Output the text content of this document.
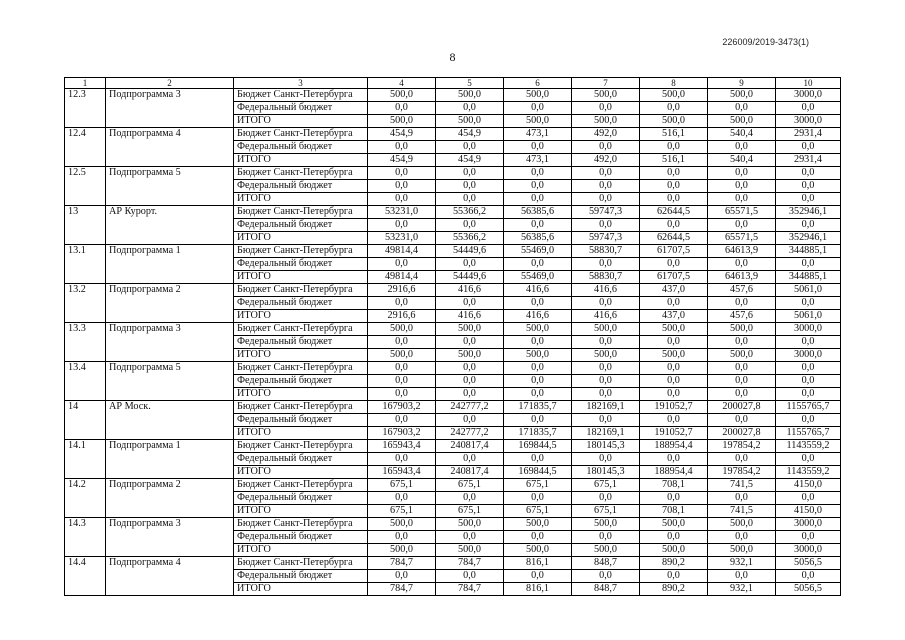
226009/2019-3473(1)
8
1	2	3	4	5	6	7	8	9	10
12.3	Подпрограмма 3	Бюджет Санкт-Петербурга	500,0	500,0	500,0	500,0	500,0	500,0	3000,0
		Федеральный бюджет	0,0	0,0	0,0	0,0	0,0	0,0	0,0
		ИТОГО	500,0	500,0	500,0	500,0	500,0	500,0	3000,0
12.4	Подпрограмма 4	Бюджет Санкт-Петербурга	454,9	454,9	473,1	492,0	516,1	540,4	2931,4
		Федеральный бюджет	0,0	0,0	0,0	0,0	0,0	0,0	0,0
		ИТОГО	454,9	454,9	473,1	492,0	516,1	540,4	2931,4
12.5	Подпрограмма 5	Бюджет Санкт-Петербурга	0,0	0,0	0,0	0,0	0,0	0,0	0,0
		Федеральный бюджет	0,0	0,0	0,0	0,0	0,0	0,0	0,0
		ИТОГО	0,0	0,0	0,0	0,0	0,0	0,0	0,0
13	АР Курорт.	Бюджет Санкт-Петербурга	53231,0	55366,2	56385,6	59747,3	62644,5	65571,5	352946,1
		Федеральный бюджет	0,0	0,0	0,0	0,0	0,0	0,0	0,0
		ИТОГО	53231,0	55366,2	56385,6	59747,3	62644,5	65571,5	352946,1
13.1	Подпрограмма 1	Бюджет Санкт-Петербурга	49814,4	54449,6	55469,0	58830,7	61707,5	64613,9	344885,1
		Федеральный бюджет	0,0	0,0	0,0	0,0	0,0	0,0	0,0
		ИТОГО	49814,4	54449,6	55469,0	58830,7	61707,5	64613,9	344885,1
13.2	Подпрограмма 2	Бюджет Санкт-Петербурга	2916,6	416,6	416,6	416,6	437,0	457,6	5061,0
		Федеральный бюджет	0,0	0,0	0,0	0,0	0,0	0,0	0,0
		ИТОГО	2916,6	416,6	416,6	416,6	437,0	457,6	5061,0
13.3	Подпрограмма 3	Бюджет Санкт-Петербурга	500,0	500,0	500,0	500,0	500,0	500,0	3000,0
		Федеральный бюджет	0,0	0,0	0,0	0,0	0,0	0,0	0,0
		ИТОГО	500,0	500,0	500,0	500,0	500,0	500,0	3000,0
13.4	Подпрограмма 5	Бюджет Санкт-Петербурга	0,0	0,0	0,0	0,0	0,0	0,0	0,0
		Федеральный бюджет	0,0	0,0	0,0	0,0	0,0	0,0	0,0
		ИТОГО	0,0	0,0	0,0	0,0	0,0	0,0	0,0
14	АР Моск.	Бюджет Санкт-Петербурга	167903,2	242777,2	171835,7	182169,1	191052,7	200027,8	1155765,7
		Федеральный бюджет	0,0	0,0	0,0	0,0	0,0	0,0	0,0
		ИТОГО	167903,2	242777,2	171835,7	182169,1	191052,7	200027,8	1155765,7
14.1	Подпрограмма 1	Бюджет Санкт-Петербурга	165943,4	240817,4	169844,5	180145,3	188954,4	197854,2	1143559,2
		Федеральный бюджет	0,0	0,0	0,0	0,0	0,0	0,0	0,0
		ИТОГО	165943,4	240817,4	169844,5	180145,3	188954,4	197854,2	1143559,2
14.2	Подпрограмма 2	Бюджет Санкт-Петербурга	675,1	675,1	675,1	675,1	708,1	741,5	4150,0
		Федеральный бюджет	0,0	0,0	0,0	0,0	0,0	0,0	0,0
		ИТОГО	675,1	675,1	675,1	675,1	708,1	741,5	4150,0
14.3	Подпрограмма 3	Бюджет Санкт-Петербурга	500,0	500,0	500,0	500,0	500,0	500,0	3000,0
		Федеральный бюджет	0,0	0,0	0,0	0,0	0,0	0,0	0,0
		ИТОГО	500,0	500,0	500,0	500,0	500,0	500,0	3000,0
14.4	Подпрограмма 4	Бюджет Санкт-Петербурга	784,7	784,7	816,1	848,7	890,2	932,1	5056,5
		Федеральный бюджет	0,0	0,0	0,0	0,0	0,0	0,0	0,0
		ИТОГО	784,7	784,7	816,1	848,7	890,2	932,1	5056,5
